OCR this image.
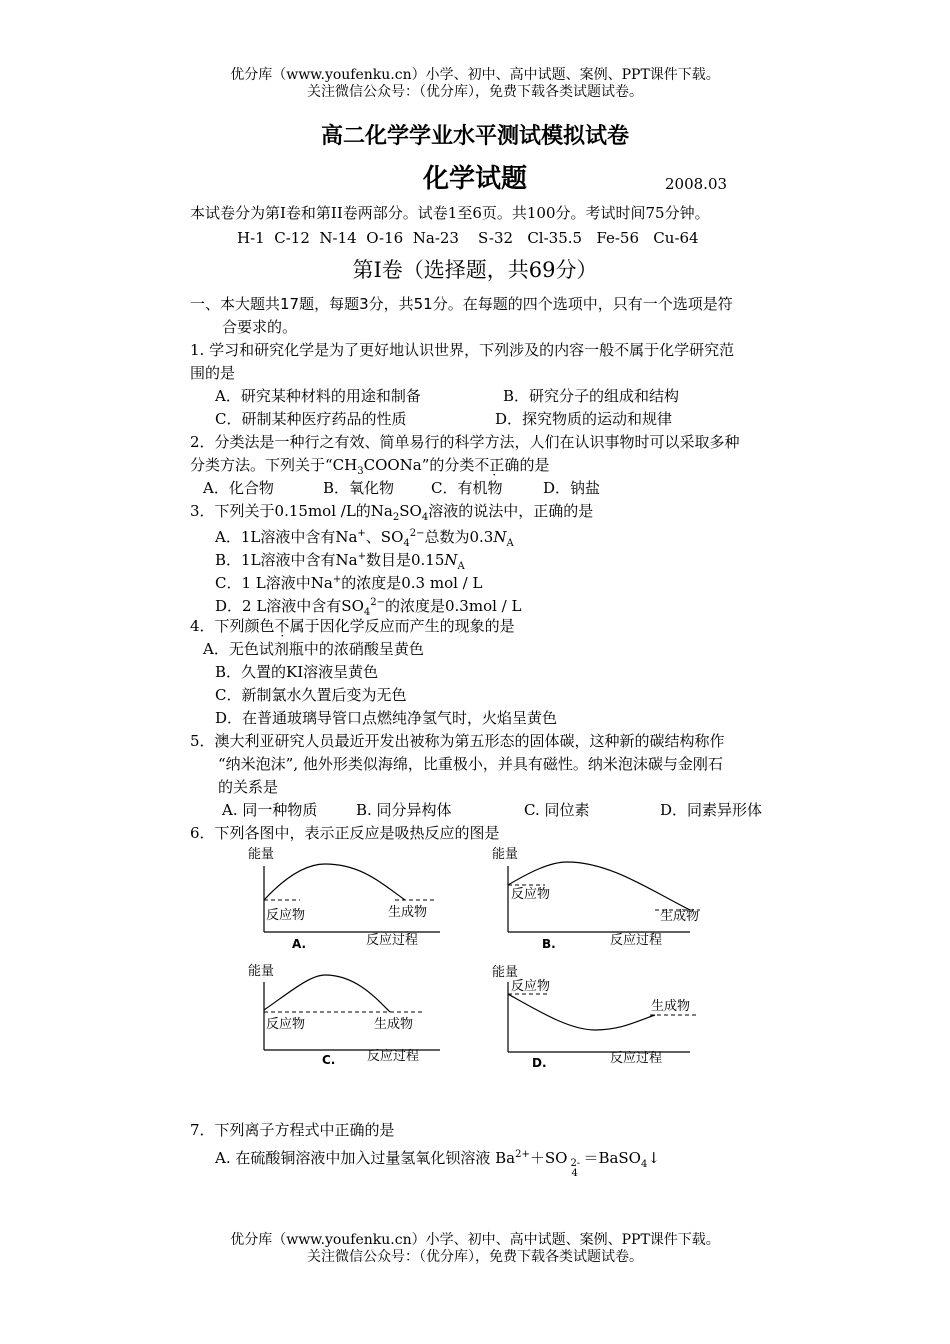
优分库（www.youfenku.cn）小学、初中、高中试题、案例、PPT课件下载。
关注微信公众号：（优分库），免费下载各类试题试卷。
高二化学学业水平测试模拟试卷
化学试题	2008.03
本试卷分为第I卷和第II卷两部分。试卷1至6页。共100分。考试时间75分钟。
H-1  C-12  N-14  O-16  Na-23    S-32   Cl-35.5   Fe-56   Cu-64
第I卷（选择题，共69分）
一、本大题共17题，每题3分，共51分。在每题的四个选项中，只有一个选项是符
合要求的。
1. 学习和研究化学是为了更好地认识世界，下列涉及的内容一般不属于化学研究范
围的是
A．研究某种材料的用途和制备	B．研究分子的组成和结构
C．研制某种医疗药品的性质	D．探究物质的运动和规律
2．分类法是一种行之有效、简单易行的科学方法，人们在认识事物时可以采取多种
分类方法。下列关于“$CH_3COONa$”的分类不正确的是
A．化合物	B．氧化物 C．有机物	D．钠盐
3．下列关于0.15mol /L的$Na_2SO_4$溶液的说法中，正确的是
A．1L溶液中含有Na+、$SO_4^{2-}$总数为$0.3N_A$
B．1L溶液中含有Na+数目是$0.15N_A$
C．1 L溶液中Na+的浓度是0.3 mol / L
D．2 L溶液中含有$SO_4^{2-}$的浓度是0.3mol / L
4．下列颜色不属于因化学反应而产生的现象的是
A．无色试剂瓶中的浓硝酸呈黄色
B．久置的KI溶液呈黄色
C．新制氯水久置后变为无色
D．在普通玻璃导管口点燃纯净氢气时，火焰呈黄色
5．澳大利亚研究人员最近开发出被称为第五形态的固体碳，这种新的碳结构称作
“纳米泡沫”, 他外形类似海绵，比重极小，并具有磁性。纳米泡沫碳与金刚石
的关系是
A. 同一种物质	B. 同分异构体	C. 同位素	D．同素异形体
6．下列各图中，表示正反应是吸热反应的图是
能量
反应物	生成物
A.	反应过程
能量
反应物
生成物
B.	反应过程
能量
反应物	生成物
C. 反应过程
能量
反应物
生成物
D.	反应过程
7．下列离子方程式中正确的是
A. 在硫酸铜溶液中加入过量氢氧化钡溶液 $Ba^{2+}+SO$ 2-
4
＝BaSO$_4$↓
优分库（www.youfenku.cn）小学、初中、高中试题、案例、PPT课件下载。
关注微信公众号：（优分库），免费下载各类试题试卷。
